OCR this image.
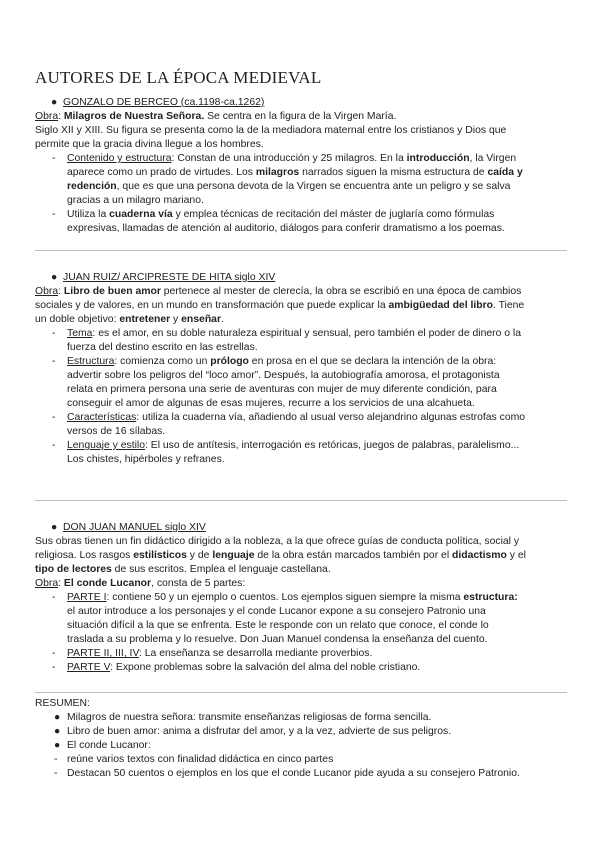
AUTORES DE LA ÉPOCA MEDIEVAL
● GONZALO DE BERCEO (ca.1198-ca.1262)
Obra: Milagros de Nuestra Señora. Se centra en la figura de la Virgen María.
Siglo XII y XIII. Su figura se presenta como la de la mediadora maternal entre los cristianos y Dios que
permite que la gracia divina llegue a los hombres.
- Contenido y estructura: Constan de una introducción y 25 milagros. En la introducción, la Virgen
aparece como un prado de virtudes. Los milagros narrados siguen la misma estructura de caída y
redención, que es que una persona devota de la Virgen se encuentra ante un peligro y se salva
gracias a un milagro mariano.
- Utiliza la cuaderna vía y emplea técnicas de recitación del máster de juglaría como fórmulas
expresivas, llamadas de atención al auditorio, diálogos para conferir dramatismo a los poemas.
● JUAN RUIZ/ ARCIPRESTE DE HITA siglo XIV
Obra: Libro de buen amor pertenece al mester de clerecía, la obra se escribió en una época de cambios
sociales y de valores, en un mundo en transformación que puede explicar la ambigüedad del libro. Tiene
un doble objetivo: entretener y enseñar.
- Tema: es el amor, en su doble naturaleza espiritual y sensual, pero también el poder de dinero o la
fuerza del destino escrito en las estrellas.
- Estructura: comienza como un prólogo en prosa en el que se declara la intención de la obra:
advertir sobre los peligros del “loco amor”. Después, la autobiografía amorosa, el protagonista
relata en primera persona una serie de aventuras con mujer de muy diferente condición, para
conseguir el amor de algunas de esas mujeres, recurre a los servicios de una alcahueta.
- Características: utiliza la cuaderna vía, añadiendo al usual verso alejandrino algunas estrofas como
versos de 16 sílabas.
- Lenguaje y estilo: El uso de antítesis, interrogación es retóricas, juegos de palabras, paralelismo...
Los chistes, hipérboles y refranes.
● DON JUAN MANUEL siglo XIV
Sus obras tienen un fin didáctico dirigido a la nobleza, a la que ofrece guías de conducta política, social y
religiosa. Los rasgos estilísticos y de lenguaje de la obra están marcados también por el didactismo y el
tipo de lectores de sus escritos. Emplea el lenguaje castellana.
Obra: El conde Lucanor, consta de 5 partes:
- PARTE I: contiene 50 y un ejemplo o cuentos. Los ejemplos siguen siempre la misma estructura:
el autor introduce a los personajes y el conde Lucanor expone a su consejero Patronio una
situación difícil a la que se enfrenta. Este le responde con un relato que conoce, el conde lo
traslada a su problema y lo resuelve. Don Juan Manuel condensa la enseñanza del cuento.
- PARTE II, III, IV: La enseñanza se desarrolla mediante proverbios.
- PARTE V: Expone problemas sobre la salvación del alma del noble cristiano.
RESUMEN:
● Milagros de nuestra señora: transmite enseñanzas religiosas de forma sencilla.
● Libro de buen amor: anima a disfrutar del amor, y a la vez, advierte de sus peligros.
● El conde Lucanor:
- reúne varios textos con finalidad didáctica en cinco partes
- Destacan 50 cuentos o ejemplos en los que el conde Lucanor pide ayuda a su consejero Patronio.
